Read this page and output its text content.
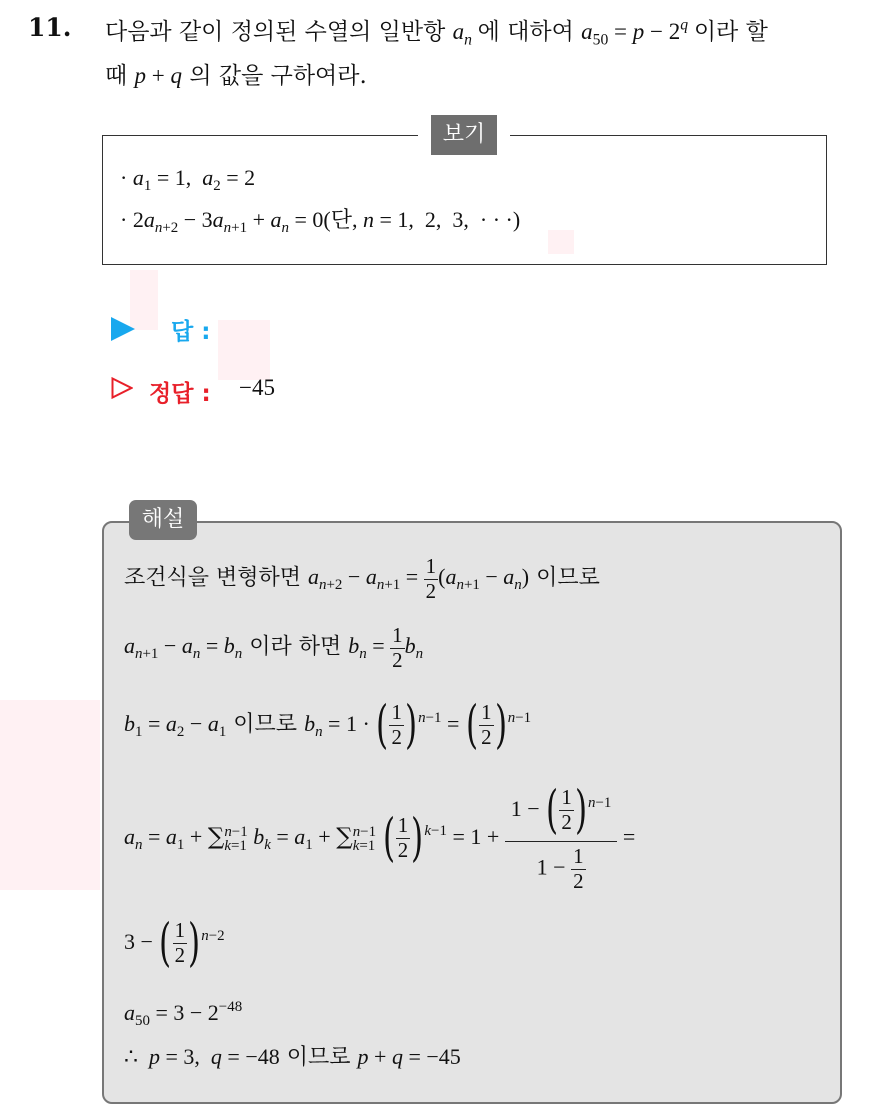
11. 다음과 같이 정의된 수열의 일반항 $a_n$ 에 대하여 $a_{50} = p - 2^q$ 이라 할
때 p + q 의 값을 구하여라.
보기
· $a_1 = 1$,  $a_2 = 2$
· $2a_{n+2} - 3a_{n+1} + a_n = 0$(단, n = 1,  2,  3,  · · ·)
답 :
정답 : −45
해설
조건식을 변형하면 $a_{n+2} - a_{n+1} = \frac{1}{2} (a_{n+1} - a_n)$ 이므로
$a_{n+1} - a_n = b_n$ 이라 하면 $b_n = \frac{1}{2} b_n$
$b_1 = a_2 - a_1$ 이므로 $b_n = 1$ · ( $\frac{1}{2} )^{n-1}$ = ( $\frac{1}{2} )^{n-1}$
$a_n = a_1$ + ∑ n−1
k=1 $b_k = a_1$ + ∑ n−1
k=1 ( $\frac{1}{2} )^{k-1} = 1 + \frac{1 - ( \frac{1}{2} )^{n-1}}{1 - \frac{1}{2}}$ =
3 − ( $\frac{1}{2} )^{n-2}$
$a_{50} = 3 - 2^{-48}$
∴  p = 3,  q = −48 이므로 p + q = −45
